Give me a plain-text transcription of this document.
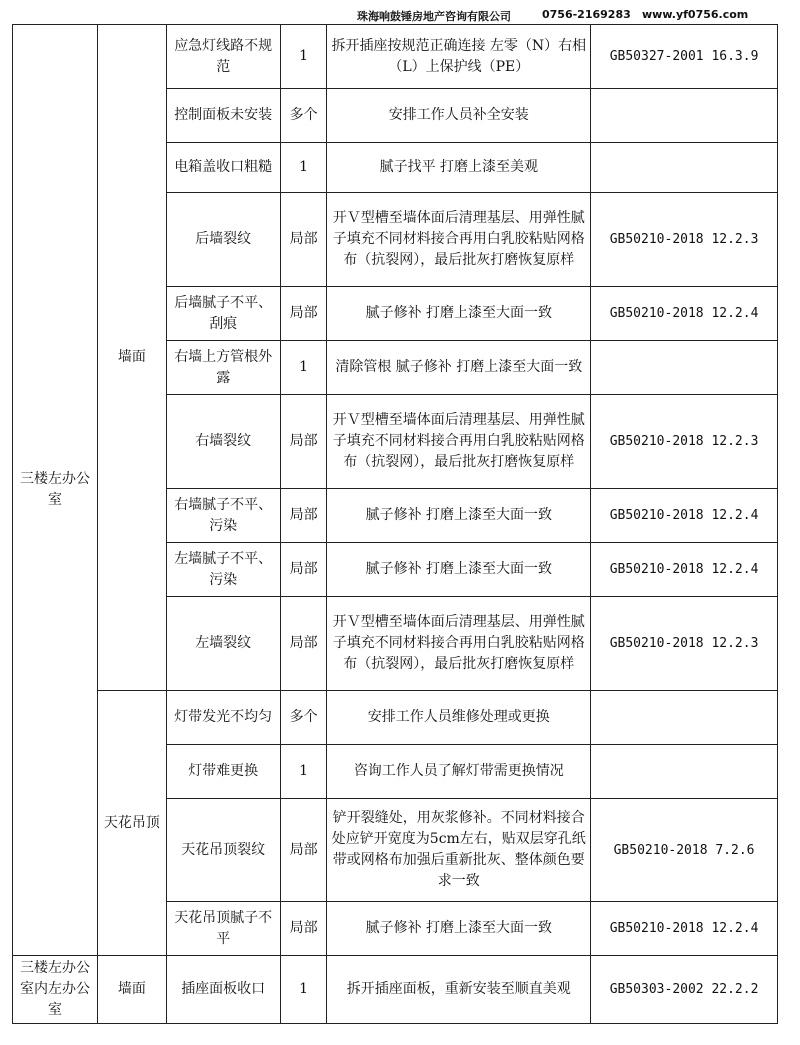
珠海响鼓锤房地产咨询有限公司	0756-2169283 www.yf0756.com
三楼左办公室	墙面	应急灯线路不规范	1	拆开插座按规范正确连接 左零（N）右相（L）上保护线（PE）	GB50327-2001 16.3.9
		控制面板未安装	多个	安排工作人员补全安装	
		电箱盖收口粗糙	1	腻子找平 打磨上漆至美观	
		后墙裂纹	局部	开Ｖ型槽至墙体面后清理基层、用弹性腻子填充不同材料接合再用白乳胶粘贴网格布（抗裂网），最后批灰打磨恢复原样	GB50210-2018 12.2.3
		后墙腻子不平、刮痕	局部	腻子修补 打磨上漆至大面一致	GB50210-2018 12.2.4
		右墙上方管根外露	1	清除管根 腻子修补 打磨上漆至大面一致	
		右墙裂纹	局部	开Ｖ型槽至墙体面后清理基层、用弹性腻子填充不同材料接合再用白乳胶粘贴网格布（抗裂网），最后批灰打磨恢复原样	GB50210-2018 12.2.3
		右墙腻子不平、污染	局部	腻子修补 打磨上漆至大面一致	GB50210-2018 12.2.4
		左墙腻子不平、污染	局部	腻子修补 打磨上漆至大面一致	GB50210-2018 12.2.4
		左墙裂纹	局部	开Ｖ型槽至墙体面后清理基层、用弹性腻子填充不同材料接合再用白乳胶粘贴网格布（抗裂网），最后批灰打磨恢复原样	GB50210-2018 12.2.3
	天花吊顶	灯带发光不均匀	多个	安排工作人员维修处理或更换	
		灯带难更换	1	咨询工作人员了解灯带需更换情况	
		天花吊顶裂纹	局部	铲开裂缝处，用灰浆修补。不同材料接合处应铲开宽度为5cm左右，贴双层穿孔纸带或网格布加强后重新批灰、整体颜色要求一致	GB50210-2018 7.2.6
		天花吊顶腻子不平	局部	腻子修补 打磨上漆至大面一致	GB50210-2018 12.2.4
三楼左办公室内左办公室	墙面	插座面板收口	1	拆开插座面板，重新安装至顺直美观	GB50303-2002 22.2.2
